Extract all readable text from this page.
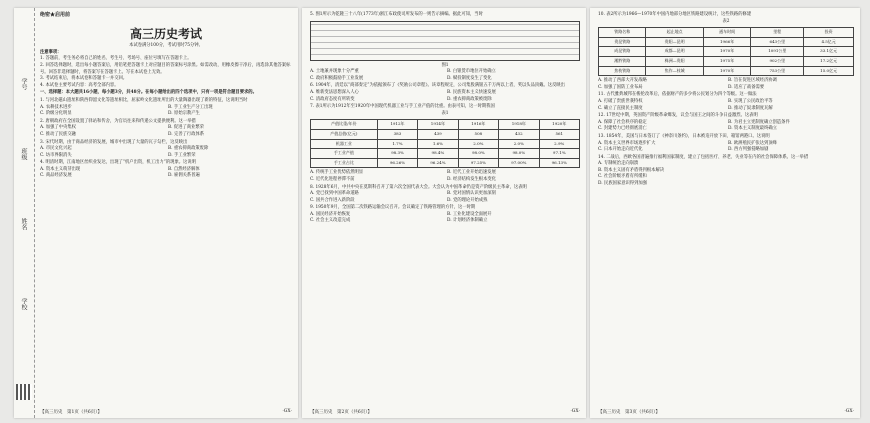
学号
班级
姓名
学校
绝密★启用前
高三历史考试
本试卷满分100分，考试用时75分钟。
注意事项：
1. 答题前，考生务必将自己的姓名、考生号、考场号、座位号填写在答题卡上。
2. 回答选择题时，选出每小题答案后，用铅笔把答题卡上对应题目的答案标号涂黑。如需改动，用橡皮擦干净后，再选涂其他答案标号。回答非选择题时，将答案写在答题卡上。写在本试卷上无效。
3. 考试结束后，将本试卷和答题卡一并交回。
4. 本试卷主要考试内容：高考全部内容。
一、选择题：本大题共16小题，每小题3分，共48分。在每小题给出的四个选项中，只有一项是符合题目要求的。
1. 与河北磁山遗址和陕西仰韶文化等遗址相比，屈家岭文化遗址所出的大量陶器出现了新的特征，这说明当时
A. 农耕技术进步	B. 手工业生产分工出现
C. 阶级分化明显	D. 原始宗教产生
2. 唐朝政府在全国设置了驿站和传舍，为官员往来和传递公文提供便利。这一举措
A. 加强了中央集权	B. 促进了商业繁荣
C. 推动了民族交融	D. 完善了行政体系
3. 宋代时期，由于商品经济的发展，城市中出现了大量的瓦子勾栏，这反映出
A. 市民文化兴起	B. 重农抑商政策废除
C. 坊市界限消失	D. 手工业繁荣
4. 明清时期，江南地区丝织业发达，出现了“机户出资，机工出力”的现象。这说明
A. 资本主义萌芽出现	B. 自然经济解体
C. 商品经济发展	D. 雇佣关系普遍
【高三历史　第1页（共6页）】	·GX·
5. 图1所示为乾隆三十八年(1773年)浙江布政使司所发布的一则告示摘编。据此可知，当时
图1
A. 土地兼并现象十分严重	B. 白银货币地位开始确立
C. 政府积极鼓励手工业发展	D. 赋役制度发生了变化
6. 1904年，清廷以“商部奏定”为依据颁布了《奖励公司章程》。该章程规定，公司集股满银五千万两以上者，奖以头品顶戴。这反映出
A. 维新变法思想深入人心	B. 民族资本主义快速发展
C. 清政府态度有所转变	D. 重农抑商政策被废除
7. 表1所示为1912年至1920年中国现代机器工业与手工业产值的比重。由表可知，这一时期我国
表1
产值比重/年份	1912年	1914年	1916年	1918年	1920年
产值总值(亿元)	383	439	508	432	561
机器工业	1.7%	1.6%	2.0%	2.0%	2.9%
手工业产值	98.3%	98.4%	98.0%	98.0%	97.1%
手工业占比	96.26%	96.24%	97.25%	97.00%	96.13%
A. 传统手工业优势依然明显	B. 近代工业开始迅速发展
C. 近代化进程停滞不前	D. 经济结构发生根本变化
8. 1928年6月，中共中央在莫斯科召开了第六次全国代表大会。大会认为中国革命仍是资产阶级民主革命，这表明
A. 党已找到中国革命道路	B. 党对国情认识更加深刻
C. 国共合作进入新阶段	D. 党的理论开始成熟
9. 1950年9月，全国第二次铁路运输会议召开。会议确定了铁路管理的方针，这一时期
A. 国民经济开始恢复	B. 工业化建设全面展开
C. 社会主义改造完成	D. 计划经济体制确立
【高三历史　第2页（共6页）】	·GX·
10. 表2所示为1966—1970年中国内地部分地区铁路建设统计，这些铁路的修建
表2
铁路名称	起止地点	通车时间	里程	投资
贵昆铁路	贵阳—昆明	1966年	643公里	4.5亿元
成昆铁路	成都—昆明	1970年	1091公里	33.1亿元
湘黔铁路	株洲—贵阳	1975年	902公里	17.2亿元
焦枝铁路	焦作—枝城	1970年	753公里	15.0亿元
A. 推动了西部大开发战略	B. 旨在促进区域经济协调
C. 加强了国防工业布局	D. 适应了战备需要
11. 古代雅典城邦在梭伦改革后，依据财产的多少将公民划分为四个等级。这一做法
A. 打破了贵族世袭特权	B. 实现了公民政治平等
C. 确立了直接民主制度	D. 推动了奴隶制度瓦解
12. 17世纪中期，英国资产阶级革命爆发，议会与国王之间的斗争日益激烈。这表明
A. 保障了社会秩序的稳定	B. 为君主立宪制度确立创造条件
C. 封建势力已经彻底消亡	D. 资本主义制度最终确立
13. 1854年，美国与日本签订了《神奈川条约》，日本被迫开放下田、箱馆两港口。这说明
A. 资本主义世界市场逐步扩大	B. 欧洲殖民扩张达到顶峰
C. 日本开始走向近代化	D. 西方列强侵略加剧
14. 二战后，西欧各国普遍推行福利国家制度，建立了包括医疗、养老、失业等在内的社会保障体系。这一举措
A. 专制统治走向崩溃
B. 资本主义固有矛盾得到根本解决
C. 社会阶级矛盾有所缓和
D. 民族国家意识得到加强
【高三历史　第3页（共6页）】	·GX·
